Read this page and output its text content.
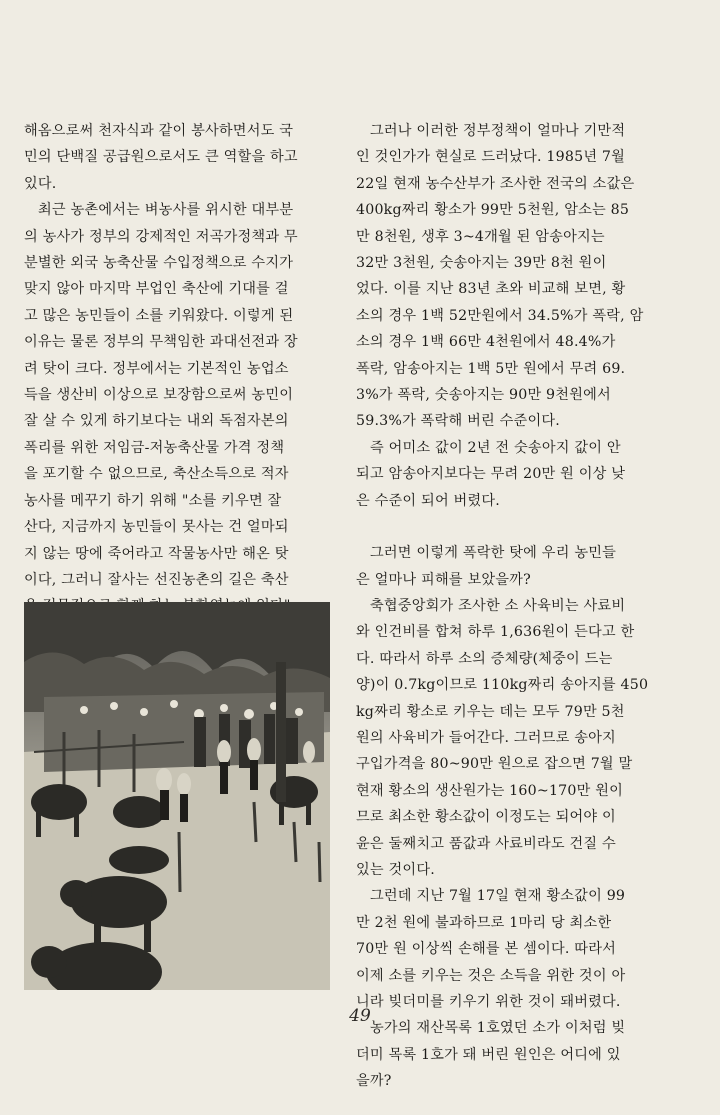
해옴으로써 천자식과 같이 봉사하면서도 국
민의 단백질 공급원으로서도 큰 역할을 하고
있다.

최근 농촌에서는 벼농사를 위시한 대부분
의 농사가 정부의 강제적인 저곡가정책과 무
분별한 외국 농축산물 수입정책으로 수지가
맞지 않아 마지막 부업인 축산에 기대를 걸
고 많은 농민들이 소를 키워왔다. 이렇게 된
이유는 물론 정부의 무책임한 과대선전과 장
려 탓이 크다. 정부에서는 기본적인 농업소
득을 생산비 이상으로 보장함으로써 농민이
잘 살 수 있게 하기보다는 내외 독점자본의
폭리를 위한 저임금-저농축산물 가격 정책
을 포기할 수 없으므로, 축산소득으로 적자
농사를 메꾸기 하기 위해 "소를 키우면 잘
산다, 지금까지 농민들이 못사는 건 얼마되
지 않는 땅에 죽어라고 작물농사만 해온 탓
이다, 그러니 잘사는 선진농촌의 길은 축산

그러나 이러한 정부정책이 얼마나 기만적
인 것인가가 현실로 드러났다. 1985년 7월
22일 현재 농수산부가 조사한 전국의 소값은
400kg짜리 황소가 99만 5천원, 암소는 85
만 8천원, 생후 3~4개월 된 암송아지는
32만 3천원, 숫송아지는 39만 8천 원이
었다. 이를 지난 83년 초와 비교해 보면, 황
소의 경우 1백 52만원에서 34.5%가 폭락, 암
소의 경우 1백 66만 4천원에서 48.4%가
폭락, 암송아지는 1백 5만 원에서 무려 69.
3%가 폭락, 숫송아지는 90만 9천원에서
59.3%가 폭락해 버린 수준이다.

즉 어미소 값이 2년 전 숫송아지 값이 안
되고 암송아지보다는 무려 20만 원 이상 낮
은 수준이 되어 버렸다.

그러면 이렇게 폭락한 탓에 우리 농민들
은 얼마나 피해를 보았을까?

축협중앙회가 조사한 소 사육비는 사료비
와 인건비를 합쳐 하루 1,636원이 든다고 한
다. 따라서 하루 소의 증체량(체중이 드는
양)이 0.7kg이므로 110kg짜리 송아지를 450
kg짜리 황소로 키우는 데는 모두 79만 5천
원의 사육비가 들어간다. 그러므로 송아지
구입가격을 80~90만 원으로 잡으면 7월 말
현재 황소의 생산원가는 160~170만 원이
므로 최소한 황소값이 이정도는 되어야 이
윤은 둘째치고 품값과 사료비라도 건질 수
있는 것이다.

그런데 지난 7월 17일 현재 황소값이 99
만 2천 원에 불과하므로 1마리 당 최소한
70만 원 이상씩 손해를 본 셈이다. 따라서
이제 소를 키우는 것은 소득을 위한 것이 아
니라 빚더미를 키우기 위한 것이 돼버렸다.

농가의 재산목록 1호였던 소가 이처럼 빚
더미 목록 1호가 돼 버린 원인은 어디에 있
을까?

49
